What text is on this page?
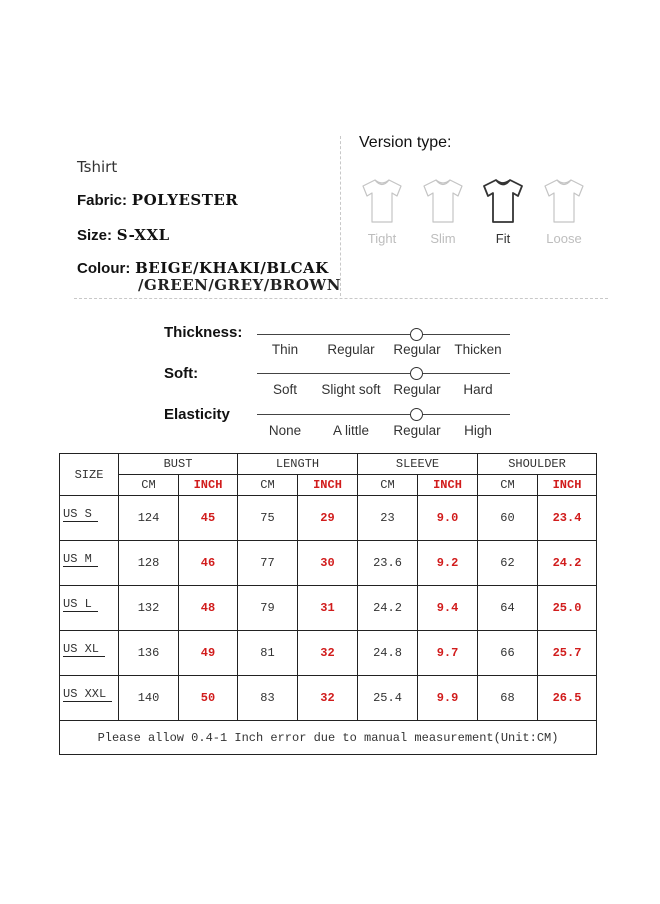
Tshirt
Fabric: POLYESTER
Size: S-XXL
Colour: BEIGE/KHAKI/BLCAK
/GREEN/GREY/BROWN
Version type:
Tight	Slim	Fit	Loose
Thickness:
Thin Regular Regular Thicken
Soft:
Soft Slight soft Regular Hard
Elasticity
None A little Regular High
SIZE	BUST		LENGTH		SLEEVE		SHOULDER	
	CM	INCH	CM	INCH	CM	INCH	CM	INCH
US S	124	45	75	29	23	9.0	60	23.4
US M	128	46	77	30	23.6	9.2	62	24.2
US L	132	48	79	31	24.2	9.4	64	25.0
US XL	136	49	81	32	24.8	9.7	66	25.7
US XXL	140	50	83	32	25.4	9.9	68	26.5
Please allow 0.4-1 Inch error due to manual measurement(Unit:CM)								
